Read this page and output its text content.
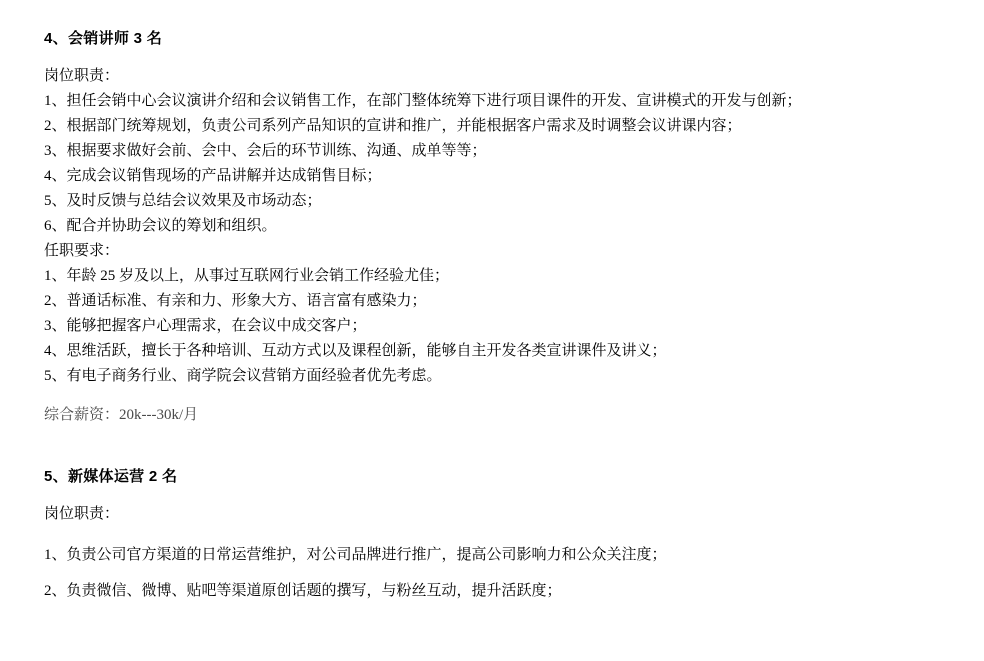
4、会销讲师 3 名

岗位职责：

1、担任会销中心会议演讲介绍和会议销售工作，在部门整体统筹下进行项目课件的开发、宣讲模式的开发与创新；

2、根据部门统筹规划，负责公司系列产品知识的宣讲和推广，并能根据客户需求及时调整会议讲课内容；

3、根据要求做好会前、会中、会后的环节训练、沟通、成单等等；

4、完成会议销售现场的产品讲解并达成销售目标；

5、及时反馈与总结会议效果及市场动态；

6、配合并协助会议的筹划和组织。

任职要求：

1、年龄 25 岁及以上，从事过互联网行业会销工作经验尤佳；

2、普通话标准、有亲和力、形象大方、语言富有感染力；

3、能够把握客户心理需求，在会议中成交客户；

4、思维活跃，擅长于各种培训、互动方式以及课程创新，能够自主开发各类宣讲课件及讲义；

5、有电子商务行业、商学院会议营销方面经验者优先考虑。

综合薪资：20k---30k/月

5、新媒体运营 2 名

岗位职责：

1、负责公司官方渠道的日常运营维护，对公司品牌进行推广，提高公司影响力和公众关注度；

2、负责微信、微博、贴吧等渠道原创话题的撰写，与粉丝互动，提升活跃度；
